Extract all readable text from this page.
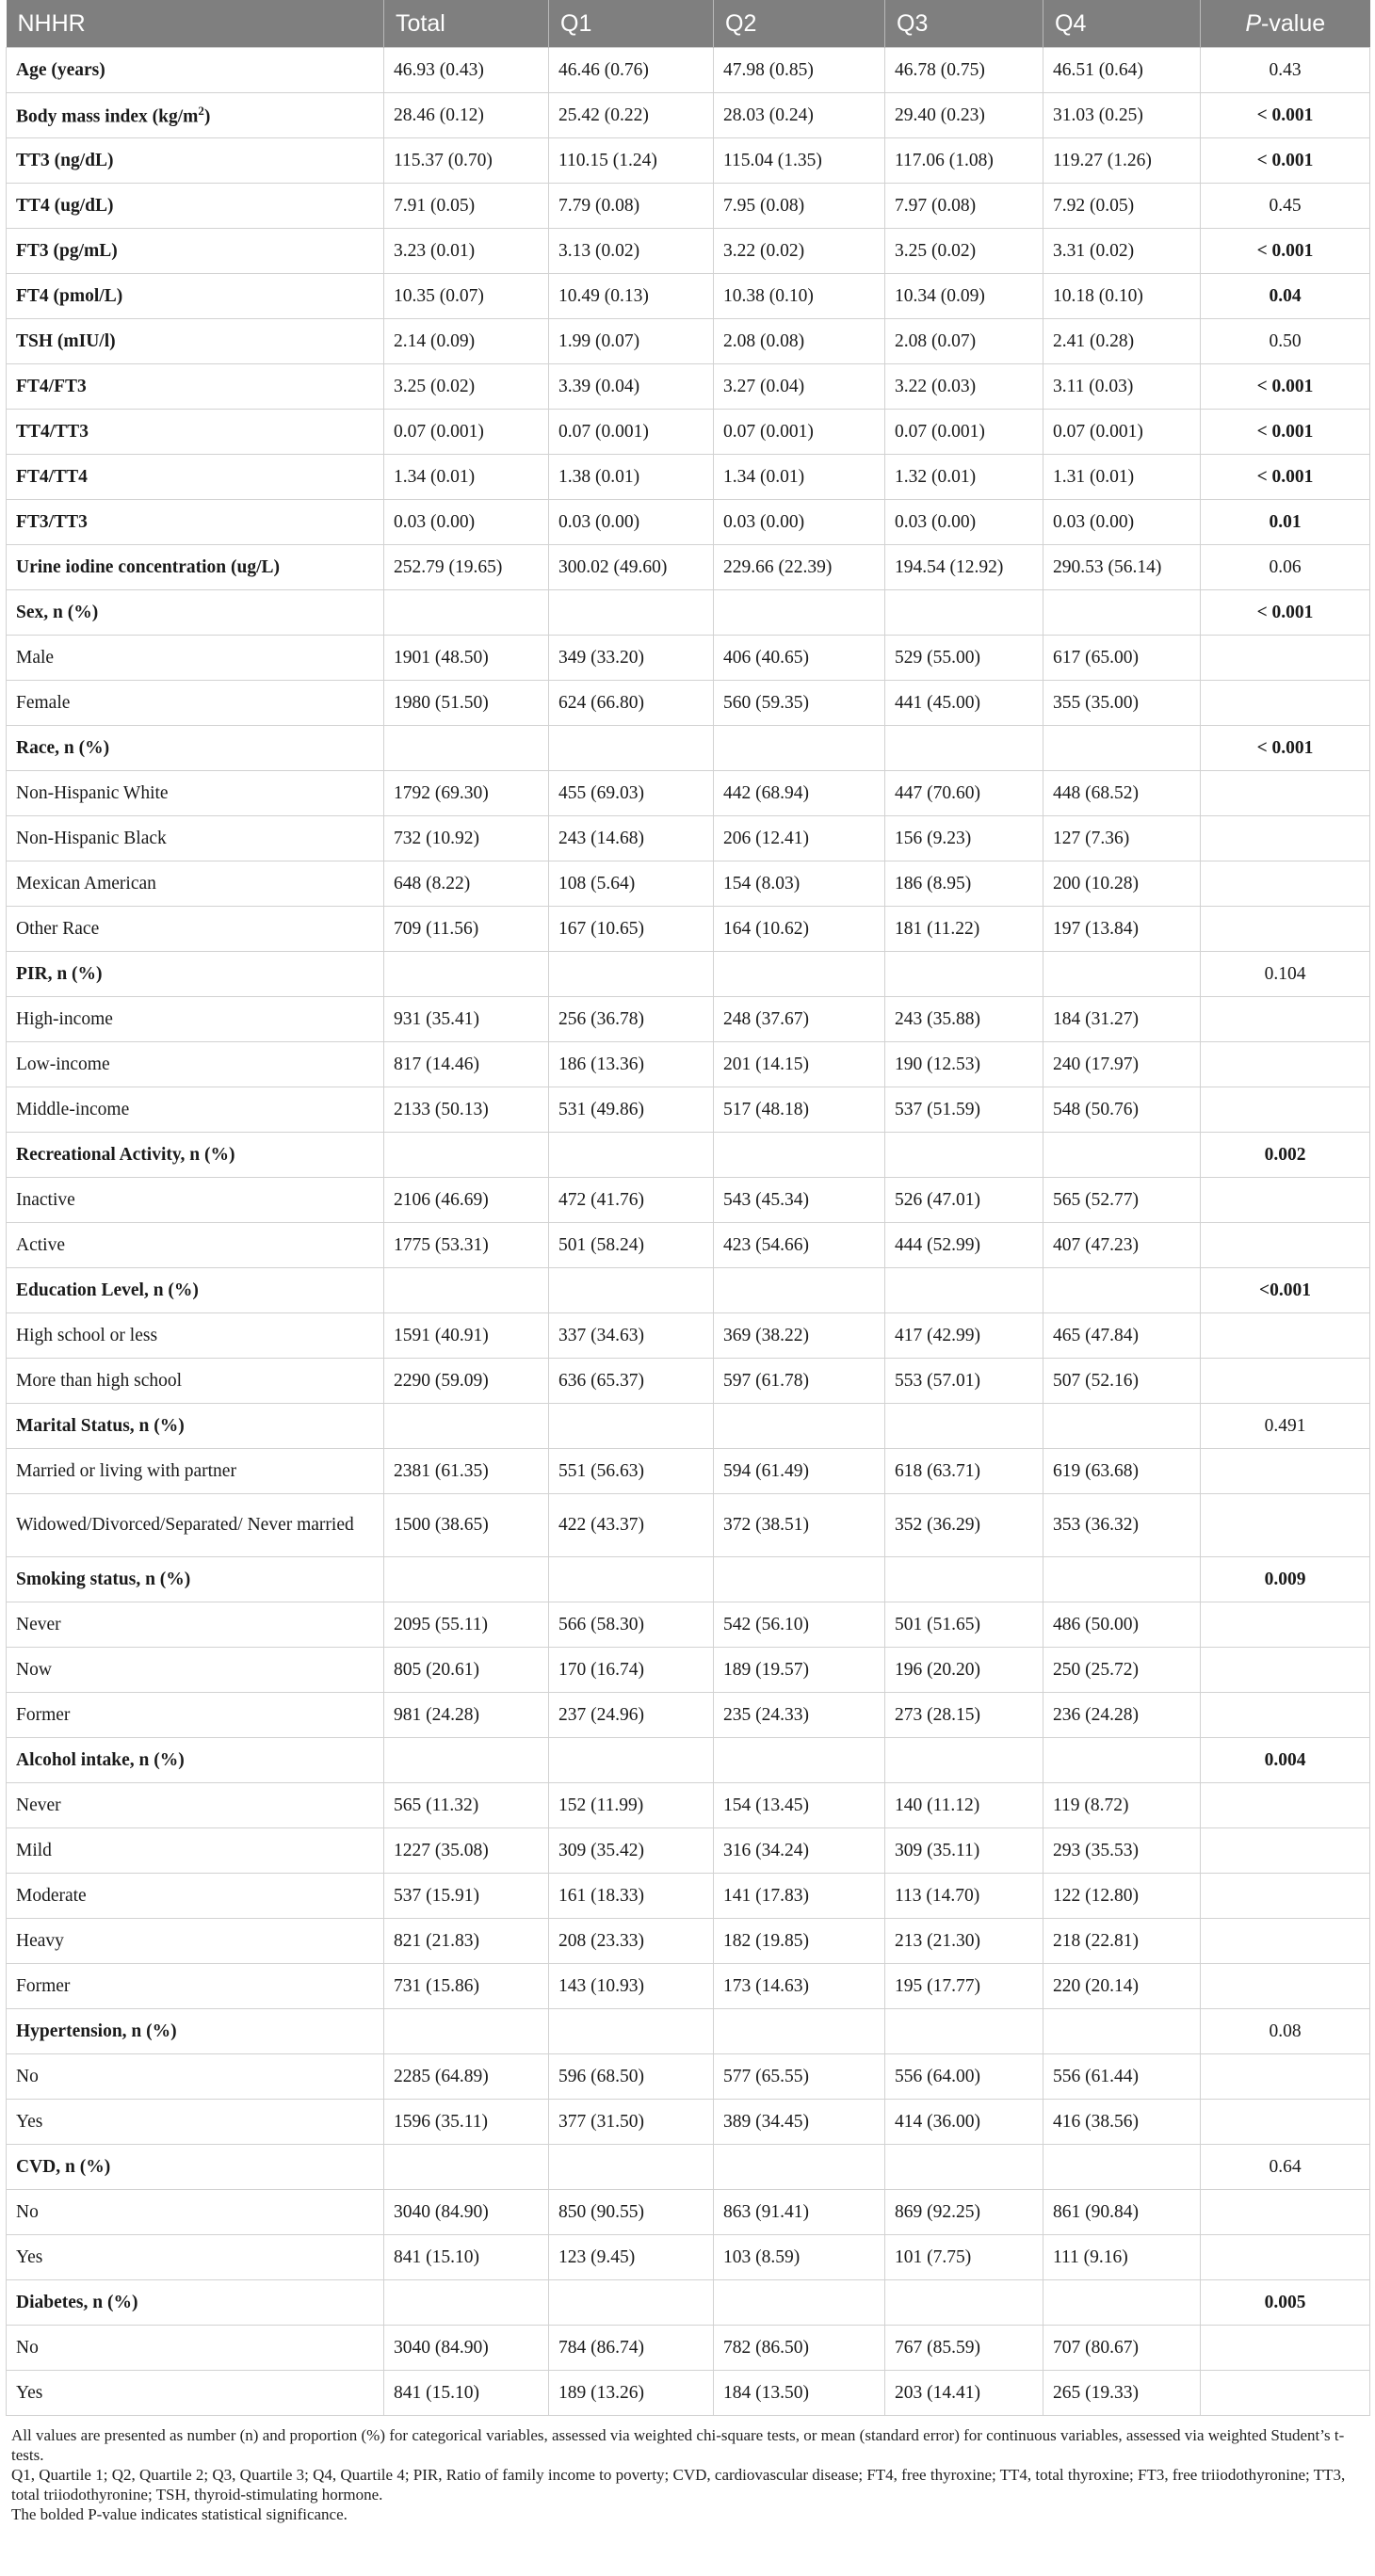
NHHR	Total	Q1	Q2	Q3	Q4	P-value
Age (years)	46.93 (0.43)	46.46 (0.76)	47.98 (0.85)	46.78 (0.75)	46.51 (0.64)	0.43
Body mass index $(kg/m^2)$	28.46 (0.12)	25.42 (0.22)	28.03 (0.24)	29.40 (0.23)	31.03 (0.25)	< 0.001
TT3 (ng/dL)	115.37 (0.70)	110.15 (1.24)	115.04 (1.35)	117.06 (1.08)	119.27 (1.26)	< 0.001
TT4 (ug/dL)	7.91 (0.05)	7.79 (0.08)	7.95 (0.08)	7.97 (0.08)	7.92 (0.05)	0.45
FT3 (pg/mL)	3.23 (0.01)	3.13 (0.02)	3.22 (0.02)	3.25 (0.02)	3.31 (0.02)	< 0.001
FT4 (pmol/L)	10.35 (0.07)	10.49 (0.13)	10.38 (0.10)	10.34 (0.09)	10.18 (0.10)	0.04
TSH (mIU/l)	2.14 (0.09)	1.99 (0.07)	2.08 (0.08)	2.08 (0.07)	2.41 (0.28)	0.50
FT4/FT3	3.25 (0.02)	3.39 (0.04)	3.27 (0.04)	3.22 (0.03)	3.11 (0.03)	< 0.001
TT4/TT3	0.07 (0.001)	0.07 (0.001)	0.07 (0.001)	0.07 (0.001)	0.07 (0.001)	< 0.001
FT4/TT4	1.34 (0.01)	1.38 (0.01)	1.34 (0.01)	1.32 (0.01)	1.31 (0.01)	< 0.001
FT3/TT3	0.03 (0.00)	0.03 (0.00)	0.03 (0.00)	0.03 (0.00)	0.03 (0.00)	0.01
Urine iodine concentration (ug/L)	252.79 (19.65)	300.02 (49.60)	229.66 (22.39)	194.54 (12.92)	290.53 (56.14)	0.06
Sex, n (%)						< 0.001
Male	1901 (48.50)	349 (33.20)	406 (40.65)	529 (55.00)	617 (65.00)	
Female	1980 (51.50)	624 (66.80)	560 (59.35)	441 (45.00)	355 (35.00)	
Race, n (%)						< 0.001
Non-Hispanic White	1792 (69.30)	455 (69.03)	442 (68.94)	447 (70.60)	448 (68.52)	
Non-Hispanic Black	732 (10.92)	243 (14.68)	206 (12.41)	156 (9.23)	127 (7.36)	
Mexican American	648 (8.22)	108 (5.64)	154 (8.03)	186 (8.95)	200 (10.28)	
Other Race	709 (11.56)	167 (10.65)	164 (10.62)	181 (11.22)	197 (13.84)	
PIR, n (%)						0.104
High-income	931 (35.41)	256 (36.78)	248 (37.67)	243 (35.88)	184 (31.27)	
Low-income	817 (14.46)	186 (13.36)	201 (14.15)	190 (12.53)	240 (17.97)	
Middle-income	2133 (50.13)	531 (49.86)	517 (48.18)	537 (51.59)	548 (50.76)	
Recreational Activity, n (%)						0.002
Inactive	2106 (46.69)	472 (41.76)	543 (45.34)	526 (47.01)	565 (52.77)	
Active	1775 (53.31)	501 (58.24)	423 (54.66)	444 (52.99)	407 (47.23)	
Education Level, n (%)						<0.001
High school or less	1591 (40.91)	337 (34.63)	369 (38.22)	417 (42.99)	465 (47.84)	
More than high school	2290 (59.09)	636 (65.37)	597 (61.78)	553 (57.01)	507 (52.16)	
Marital Status, n (%)						0.491
Married or living with partner	2381 (61.35)	551 (56.63)	594 (61.49)	618 (63.71)	619 (63.68)	
Widowed/Divorced/Separated/ Never married	1500 (38.65)	422 (43.37)	372 (38.51)	352 (36.29)	353 (36.32)	
Smoking status, n (%)						0.009
Never	2095 (55.11)	566 (58.30)	542 (56.10)	501 (51.65)	486 (50.00)	
Now	805 (20.61)	170 (16.74)	189 (19.57)	196 (20.20)	250 (25.72)	
Former	981 (24.28)	237 (24.96)	235 (24.33)	273 (28.15)	236 (24.28)	
Alcohol intake, n (%)						0.004
Never	565 (11.32)	152 (11.99)	154 (13.45)	140 (11.12)	119 (8.72)	
Mild	1227 (35.08)	309 (35.42)	316 (34.24)	309 (35.11)	293 (35.53)	
Moderate	537 (15.91)	161 (18.33)	141 (17.83)	113 (14.70)	122 (12.80)	
Heavy	821 (21.83)	208 (23.33)	182 (19.85)	213 (21.30)	218 (22.81)	
Former	731 (15.86)	143 (10.93)	173 (14.63)	195 (17.77)	220 (20.14)	
Hypertension, n (%)						0.08
No	2285 (64.89)	596 (68.50)	577 (65.55)	556 (64.00)	556 (61.44)	
Yes	1596 (35.11)	377 (31.50)	389 (34.45)	414 (36.00)	416 (38.56)	
CVD, n (%)						0.64
No	3040 (84.90)	850 (90.55)	863 (91.41)	869 (92.25)	861 (90.84)	
Yes	841 (15.10)	123 (9.45)	103 (8.59)	101 (7.75)	111 (9.16)	
Diabetes, n (%)						0.005
No	3040 (84.90)	784 (86.74)	782 (86.50)	767 (85.59)	707 (80.67)	
Yes	841 (15.10)	189 (13.26)	184 (13.50)	203 (14.41)	265 (19.33)	

All values are presented as number (n) and proportion (%) for categorical variables, assessed via weighted chi-square tests, or mean (standard error) for continuous variables, assessed via weighted Student’s t-tests.

Q1, Quartile 1; Q2, Quartile 2; Q3, Quartile 3; Q4, Quartile 4; PIR, Ratio of family income to poverty; CVD, cardiovascular disease; FT4, free thyroxine; TT4, total thyroxine; FT3, free triiodothyronine; TT3, total triiodothyronine; TSH, thyroid-stimulating hormone.

The bolded P-value indicates statistical significance.
